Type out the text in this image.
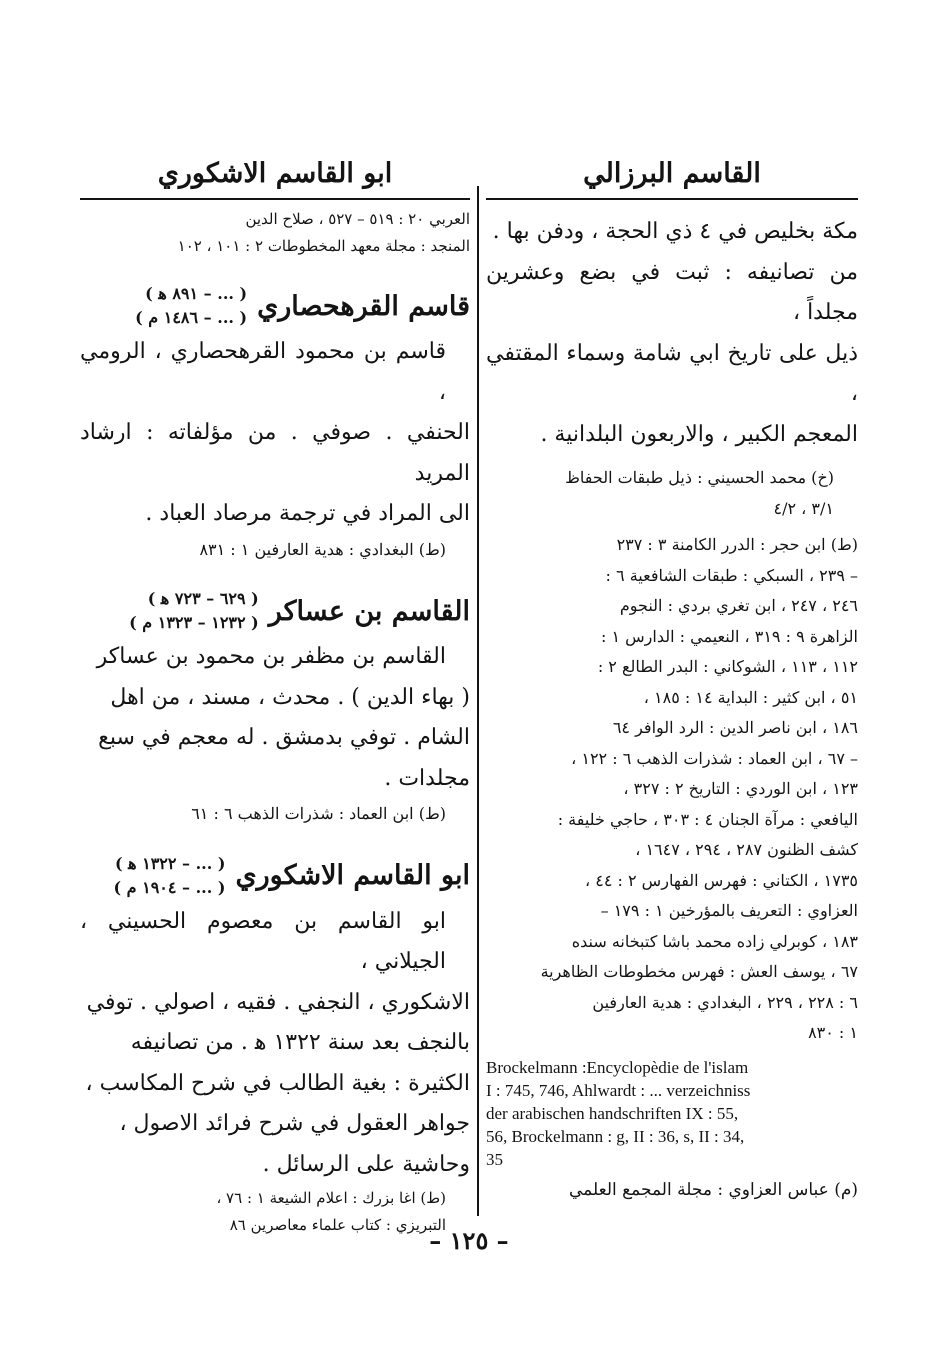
القاسم البرزالي
ابو القاسم الاشكوري
مكة بخليص في ٤ ذي الحجة ، ودفن بها .
من تصانيفه : ثبت في بضع وعشرين مجلداً ،
ذيل على تاريخ ابي شامة وسماء المقتفي ،
المعجم الكبير ، والاربعون البلدانية .
(خ) محمد الحسيني : ذيل طبقات الحفاظ
٣/١ ، ٤/٢
(ط) ابن حجر : الدرر الكامنة ٣ : ٢٣٧
– ٢٣٩ ، السبكي : طبقات الشافعية ٦ :
٢٤٦ ، ٢٤٧ ، ابن تغري بردي : النجوم
الزاهرة ٩ : ٣١٩ ، النعيمي : الدارس ١ :
١١٢ ، ١١٣ ، الشوكاني : البدر الطالع ٢ :
٥١ ، ابن كثير : البداية ١٤ : ١٨٥ ،
١٨٦ ، ابن ناصر الدين : الرد الوافر ٦٤
– ٦٧ ، ابن العماد : شذرات الذهب ٦ : ١٢٢ ،
١٢٣ ، ابن الوردي : التاريخ ٢ : ٣٢٧ ،
اليافعي : مرآة الجنان ٤ : ٣٠٣ ، حاجي خليفة :
كشف الظنون ٢٨٧ ، ٢٩٤ ، ١٦٤٧ ،
١٧٣٥ ، الكتاني : فهرس الفهارس ٢ : ٤٤ ،
العزاوي : التعريف بالمؤرخين ١ : ١٧٩ –
١٨٣ ، كوبرلي زاده محمد باشا كتبخانه سنده
٦٧ ، يوسف العش : فهرس مخطوطات الظاهرية
٦ : ٢٢٨ ، ٢٢٩ ، البغدادي : هدية العارفين
١ : ٨٣٠
Brockelmann :Encyclopèdie de l'islam
I : 745, 746, Ahlwardt : ... verzeichniss
der arabischen handschriften IX : 55,
56, Brockelmann : g, II : 36, s, II : 34,
35
(م) عباس العزاوي : مجلة المجمع العلمي
العربي ٢٠ : ٥١٩ – ٥٢٧ ، صلاح الدين
المنجد : مجلة معهد المخطوطات ٢ : ١٠١ ، ١٠٢
قاسم القرهحصاري
( ... – ٨٩١ ﻫ )
( ... – ١٤٨٦ م )
قاسم بن محمود القرهحصاري ، الرومي ،
الحنفي . صوفي . من مؤلفاته : ارشاد المريد
الى المراد في ترجمة مرصاد العباد .
(ط) البغدادي : هدية العارفين ١ : ٨٣١
القاسم بن عساكر
( ٦٢٩ – ٧٢٣ ﻫ )
( ١٢٣٢ – ١٣٢٣ م )
القاسم بن مظفر بن محمود بن عساكر
( بهاء الدين ) . محدث ، مسند ، من اهل
الشام . توفي بدمشق . له معجم في سبع
مجلدات .
(ط) ابن العماد : شذرات الذهب ٦ : ٦١
ابو القاسم الاشكوري
( ... – ١٣٢٢ ﻫ )
( ... – ١٩٠٤ م )
ابو القاسم بن معصوم الحسيني ، الجيلاني ،
الاشكوري ، النجفي . فقيه ، اصولي . توفي
بالنجف بعد سنة ١٣٢٢ ﻫ . من تصانيفه
الكثيرة : بغية الطالب في شرح المكاسب ،
جواهر العقول في شرح فرائد الاصول ،
وحاشية على الرسائل .
(ط) اغا بزرك : اعلام الشيعة ١ : ٧٦ ،
التبريزي : كتاب علماء معاصرين ٨٦
– ١٢٥ –
